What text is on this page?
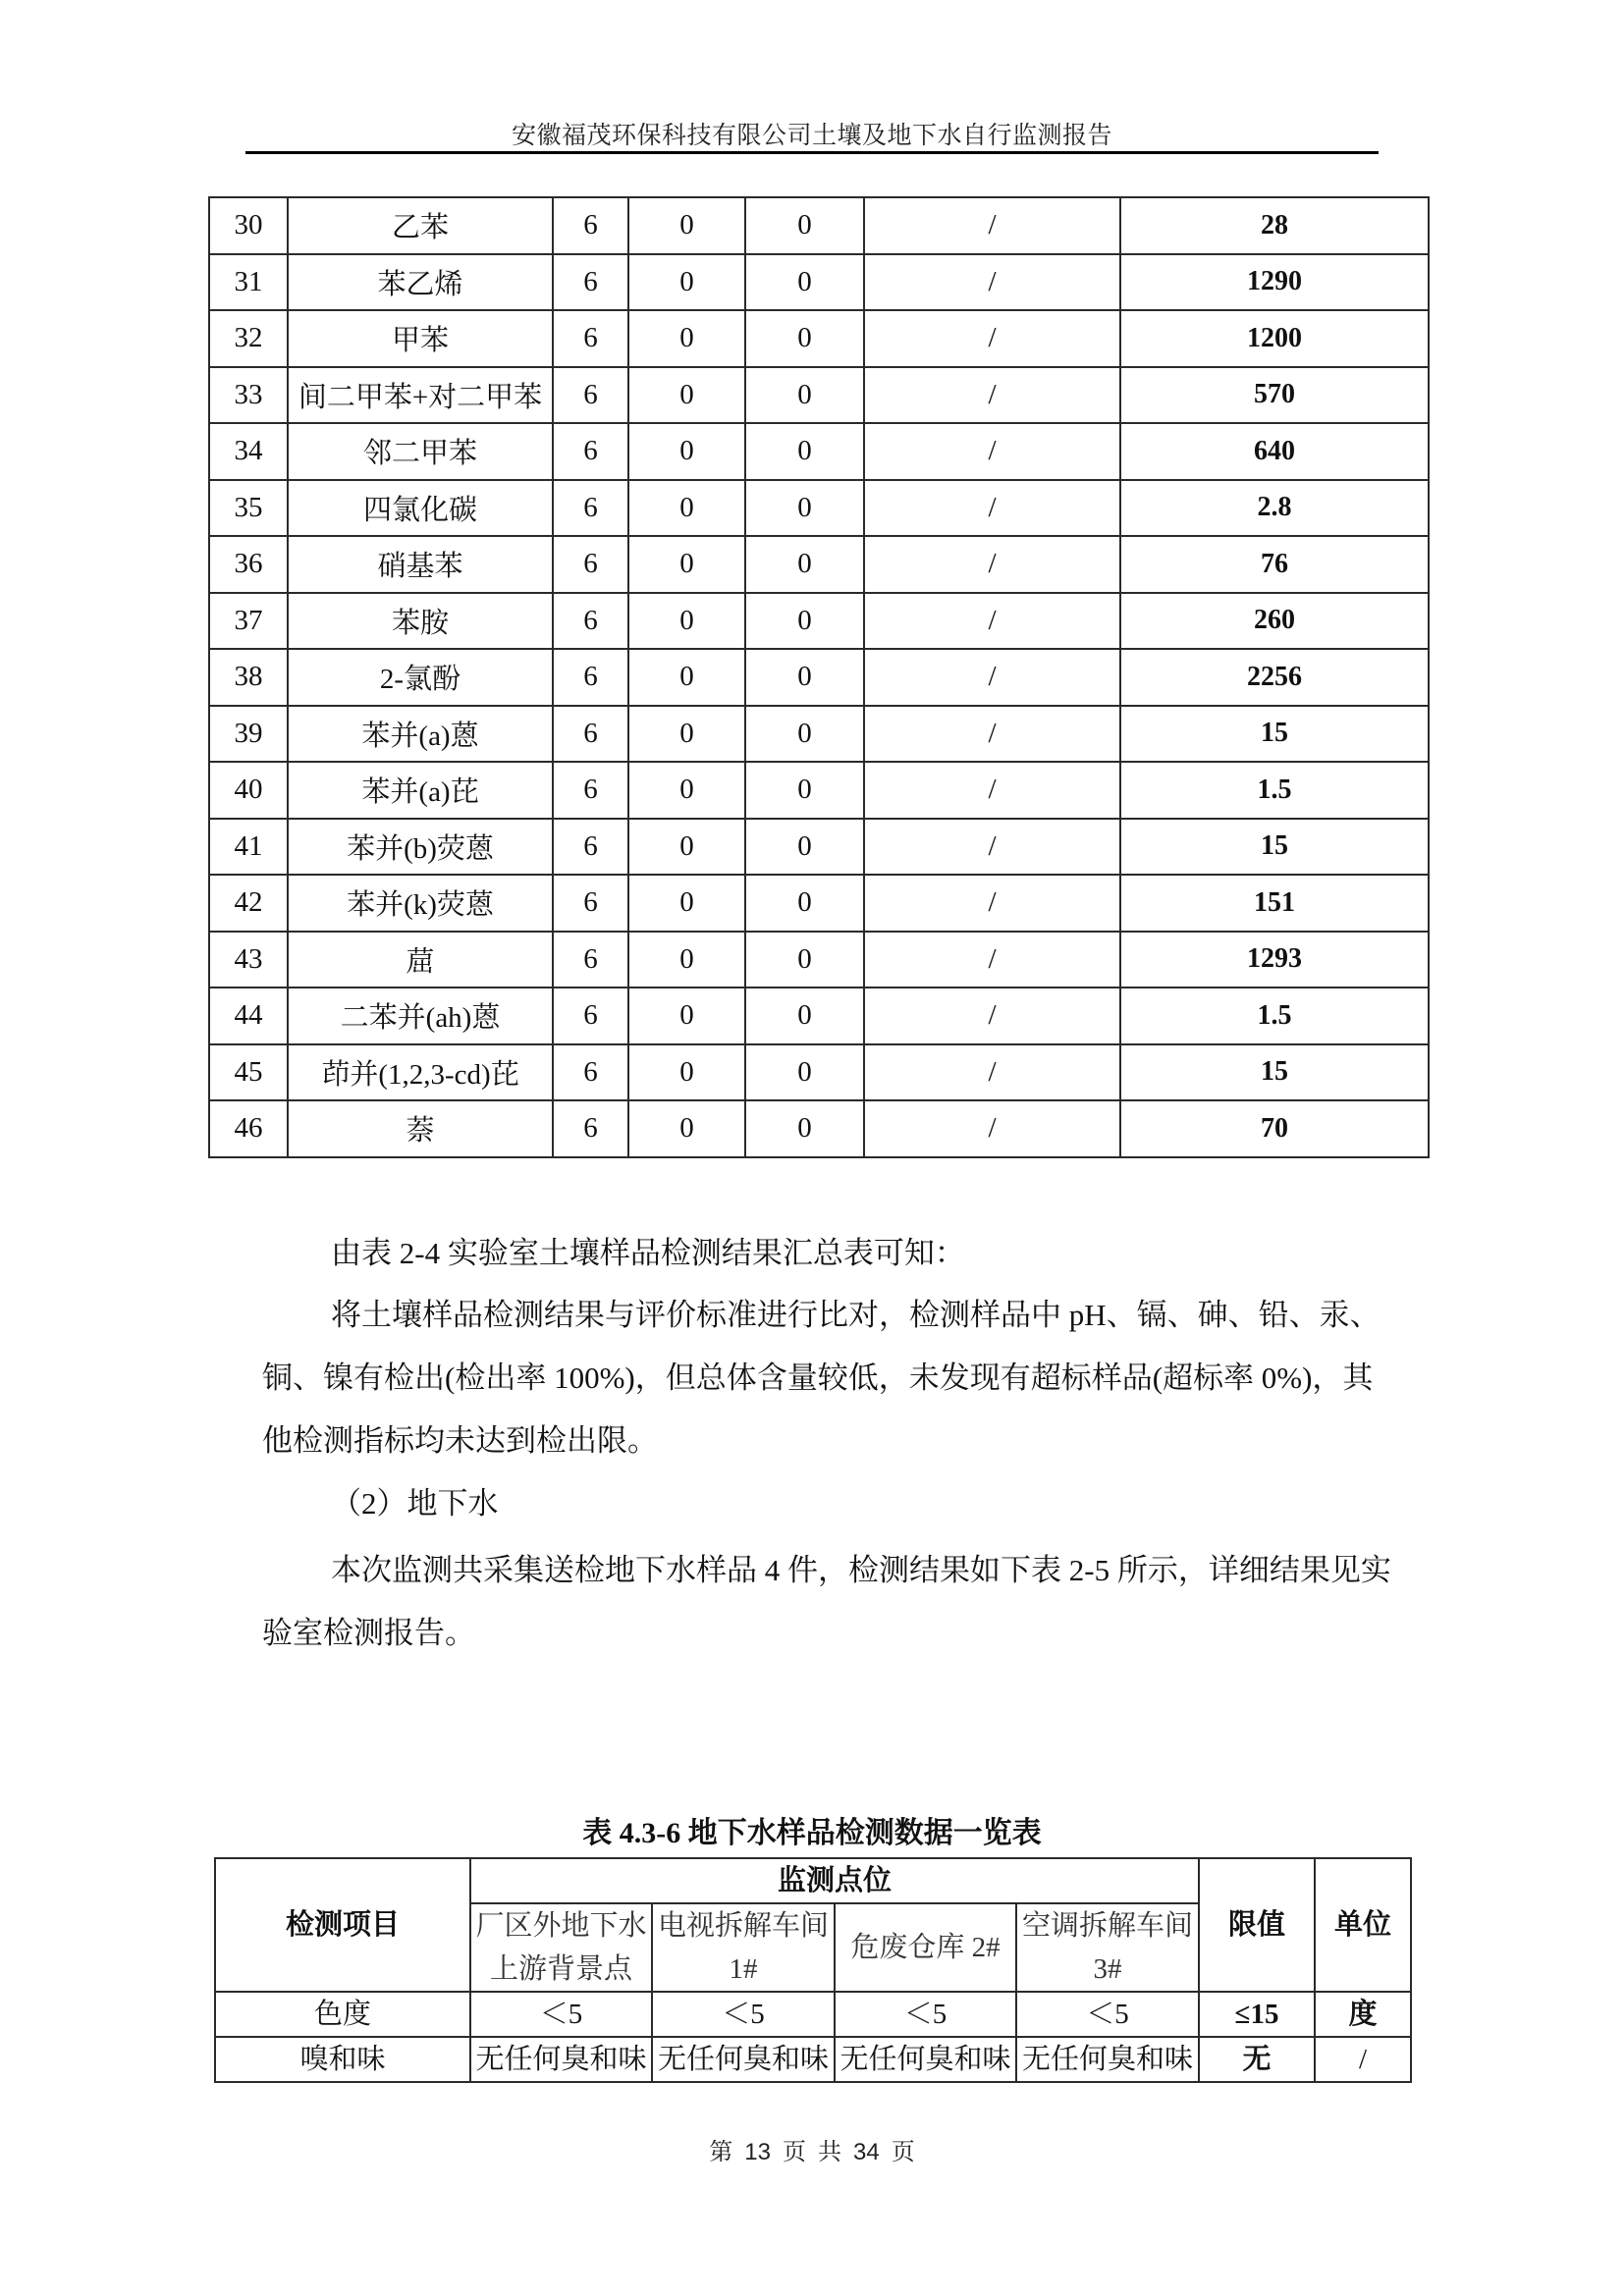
安徽福茂环保科技有限公司土壤及地下水自行监测报告
30	乙苯	6	0	0	/	28
31	苯乙烯	6	0	0	/	1290
32	甲苯	6	0	0	/	1200
33	间二甲苯+对二甲苯	6	0	0	/	570
34	邻二甲苯	6	0	0	/	640
35	四氯化碳	6	0	0	/	2.8
36	硝基苯	6	0	0	/	76
37	苯胺	6	0	0	/	260
38	2-氯酚	6	0	0	/	2256
39	苯并(a)蒽	6	0	0	/	15
40	苯并(a)芘	6	0	0	/	1.5
41	苯并(b)荧蒽	6	0	0	/	15
42	苯并(k)荧蒽	6	0	0	/	151
43	䓛	6	0	0	/	1293
44	二苯并(ah)蒽	6	0	0	/	1.5
45	茚并(1,2,3-cd)芘	6	0	0	/	15
46	萘	6	0	0	/	70
由表 2-4 实验室土壤样品检测结果汇总表可知：
将土壤样品检测结果与评价标准进行比对，检测样品中 pH、镉、砷、铅、汞、铜、镍有检出(检出率 100%)，但总体含量较低，未发现有超标样品(超标率 0%)，其他检测指标均未达到检出限。
（2）地下水
本次监测共采集送检地下水样品 4 件，检测结果如下表 2-5 所示，详细结果见实验室检测报告。
表 4.3-6 地下水样品检测数据一览表
检测项目	监测点位				限值	单位
	厂区外地下水上游背景点	电视拆解车间 1#	危废仓库 2#	空调拆解车间 3#		
色度	＜5	＜5	＜5	＜5	≤15	度
嗅和味	无任何臭和味	无任何臭和味	无任何臭和味	无任何臭和味	无	/
第 13 页 共 34 页
